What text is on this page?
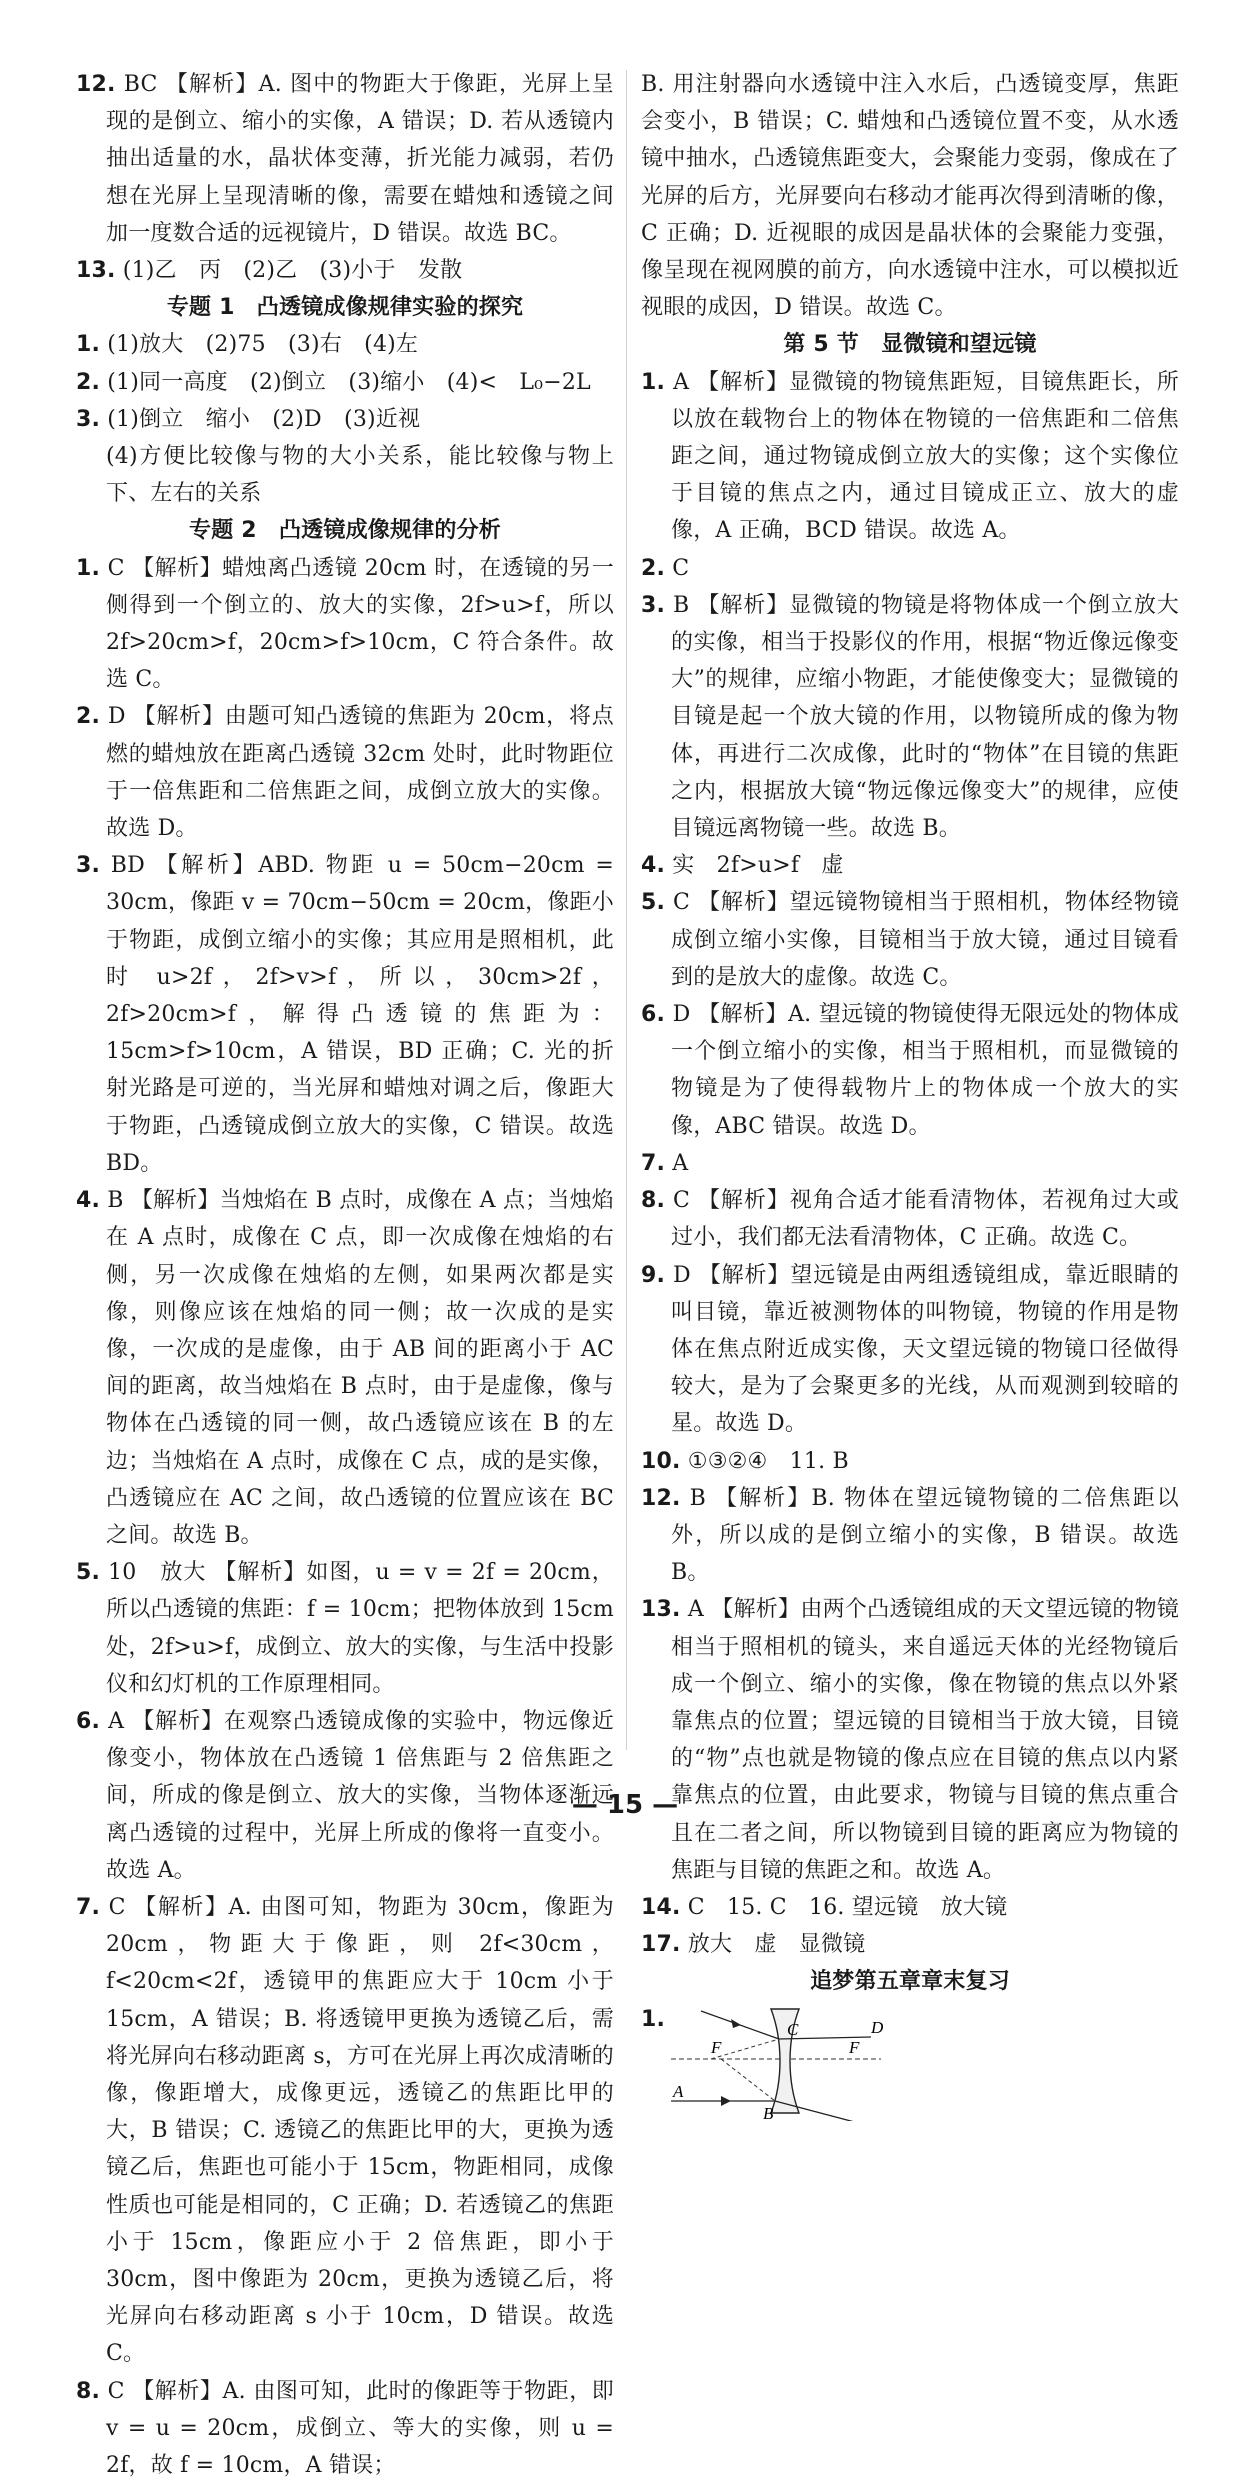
12. BC 【解析】A. 图中的物距大于像距，光屏上呈现的是倒立、缩小的实像，A 错误；D. 若从透镜内抽出适量的水，晶状体变薄，折光能力减弱，若仍想在光屏上呈现清晰的像，需要在蜡烛和透镜之间加一度数合适的远视镜片，D 错误。故选 BC。

13. (1)乙　丙　(2)乙　(3)小于　发散

专题 1　凸透镜成像规律实验的探究

1. (1)放大　(2)75　(3)右　(4)左

2. (1)同一高度　(2)倒立　(3)缩小　(4)<　L₀−2L

3. (1)倒立　缩小　(2)D　(3)近视

(4)方便比较像与物的大小关系，能比较像与物上下、左右的关系

专题 2　凸透镜成像规律的分析

1. C 【解析】蜡烛离凸透镜 20cm 时，在透镜的另一侧得到一个倒立的、放大的实像，2f>u>f，所以 2f>20cm>f，20cm>f>10cm，C 符合条件。故选 C。

2. D 【解析】由题可知凸透镜的焦距为 20cm，将点燃的蜡烛放在距离凸透镜 32cm 处时，此时物距位于一倍焦距和二倍焦距之间，成倒立放大的实像。故选 D。

3. BD 【解析】ABD. 物距 u = 50cm−20cm = 30cm，像距 v = 70cm−50cm = 20cm，像距小于物距，成倒立缩小的实像；其应用是照相机，此时 u>2f，2f>v>f，所以，30cm>2f，2f>20cm>f，解得凸透镜的焦距为：15cm>f>10cm，A 错误，BD 正确；C. 光的折射光路是可逆的，当光屏和蜡烛对调之后，像距大于物距，凸透镜成倒立放大的实像，C 错误。故选 BD。

4. B 【解析】当烛焰在 B 点时，成像在 A 点；当烛焰在 A 点时，成像在 C 点，即一次成像在烛焰的右侧，另一次成像在烛焰的左侧，如果两次都是实像，则像应该在烛焰的同一侧；故一次成的是实像，一次成的是虚像，由于 AB 间的距离小于 AC 间的距离，故当烛焰在 B 点时，由于是虚像，像与物体在凸透镜的同一侧，故凸透镜应该在 B 的左边；当烛焰在 A 点时，成像在 C 点，成的是实像，凸透镜应在 AC 之间，故凸透镜的位置应该在 BC 之间。故选 B。

5. 10　放大 【解析】如图，u = v = 2f = 20cm，所以凸透镜的焦距：f = 10cm；把物体放到 15cm 处，2f>u>f，成倒立、放大的实像，与生活中投影仪和幻灯机的工作原理相同。

6. A 【解析】在观察凸透镜成像的实验中，物远像近像变小，物体放在凸透镜 1 倍焦距与 2 倍焦距之间，所成的像是倒立、放大的实像，当物体逐渐远离凸透镜的过程中，光屏上所成的像将一直变小。故选 A。

7. C 【解析】A. 由图可知，物距为 30cm，像距为 20cm，物距大于像距，则 2f<30cm，f<20cm<2f，透镜甲的焦距应大于 10cm 小于 15cm，A 错误；B. 将透镜甲更换为透镜乙后，需将光屏向右移动距离 s，方可在光屏上再次成清晰的像，像距增大，成像更远，透镜乙的焦距比甲的大，B 错误；C. 透镜乙的焦距比甲的大，更换为透镜乙后，焦距也可能小于 15cm，物距相同，成像性质也可能是相同的，C 正确；D. 若透镜乙的焦距小于 15cm，像距应小于 2 倍焦距，即小于 30cm，图中像距为 20cm，更换为透镜乙后，将光屏向右移动距离 s 小于 10cm，D 错误。故选 C。

8. C 【解析】A. 由图可知，此时的像距等于物距，即 v = u = 20cm，成倒立、等大的实像，则 u = 2f，故 f = 10cm，A 错误；

B. 用注射器向水透镜中注入水后，凸透镜变厚，焦距会变小，B 错误；C. 蜡烛和凸透镜位置不变，从水透镜中抽水，凸透镜焦距变大，会聚能力变弱，像成在了光屏的后方，光屏要向右移动才能再次得到清晰的像，C 正确；D. 近视眼的成因是晶状体的会聚能力变强，像呈现在视网膜的前方，向水透镜中注水，可以模拟近视眼的成因，D 错误。故选 C。

第 5 节　显微镜和望远镜

1. A 【解析】显微镜的物镜焦距短，目镜焦距长，所以放在载物台上的物体在物镜的一倍焦距和二倍焦距之间，通过物镜成倒立放大的实像；这个实像位于目镜的焦点之内，通过目镜成正立、放大的虚像，A 正确，BCD 错误。故选 A。

2. C

3. B 【解析】显微镜的物镜是将物体成一个倒立放大的实像，相当于投影仪的作用，根据“物近像远像变大”的规律，应缩小物距，才能使像变大；显微镜的目镜是起一个放大镜的作用，以物镜所成的像为物体，再进行二次成像，此时的“物体”在目镜的焦距之内，根据放大镜“物远像远像变大”的规律，应使目镜远离物镜一些。故选 B。

4. 实　2f>u>f　虚

5. C 【解析】望远镜物镜相当于照相机，物体经物镜成倒立缩小实像，目镜相当于放大镜，通过目镜看到的是放大的虚像。故选 C。

6. D 【解析】A. 望远镜的物镜使得无限远处的物体成一个倒立缩小的实像，相当于照相机，而显微镜的物镜是为了使得载物片上的物体成一个放大的实像，ABC 错误。故选 D。

7. A

8. C 【解析】视角合适才能看清物体，若视角过大或过小，我们都无法看清物体，C 正确。故选 C。

9. D 【解析】望远镜是由两组透镜组成，靠近眼睛的叫目镜，靠近被测物体的叫物镜，物镜的作用是物体在焦点附近成实像，天文望远镜的物镜口径做得较大，是为了会聚更多的光线，从而观测到较暗的星。故选 D。

10. ①③②④　11. B

12. B 【解析】B. 物体在望远镜物镜的二倍焦距以外，所以成的是倒立缩小的实像，B 错误。故选 B。

13. A 【解析】由两个凸透镜组成的天文望远镜的物镜相当于照相机的镜头，来自遥远天体的光经物镜后成一个倒立、缩小的实像，像在物镜的焦点以外紧靠焦点的位置；望远镜的目镜相当于放大镜，目镜的“物”点也就是物镜的像点应在目镜的焦点以内紧靠焦点的位置，由此要求，物镜与目镜的焦点重合且在二者之间，所以物镜到目镜的距离应为物镜的焦距与目镜的焦距之和。故选 A。

14. C　15. C　16. 望远镜　放大镜

17. 放大　虚　显微镜

追梦第五章章末复习

1.	C	D
F	F
A
B
— 15 —
